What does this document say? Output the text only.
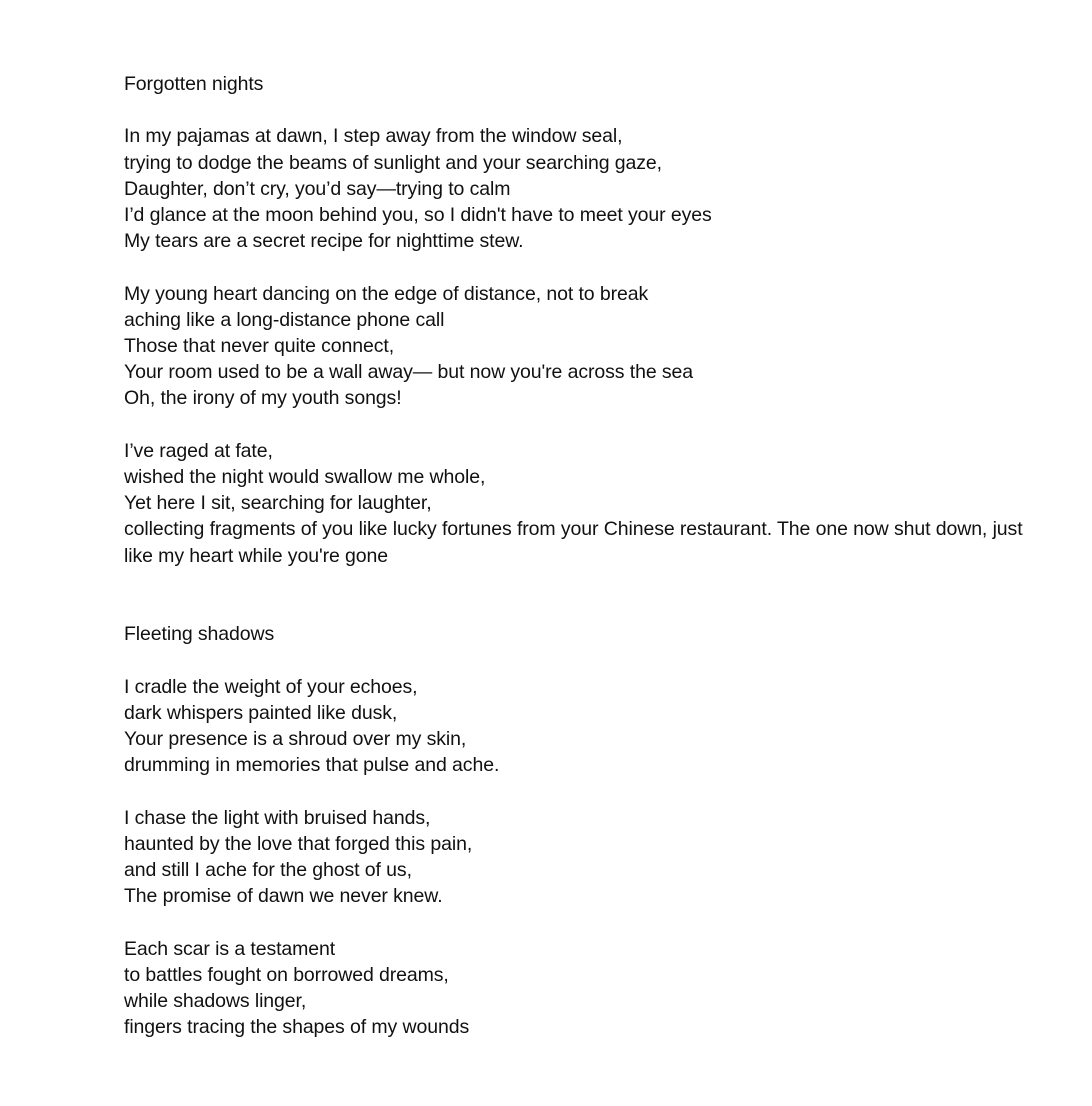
Forgotten nights

In my pajamas at dawn, I step away from the window seal,

trying to dodge the beams of sunlight and your searching gaze,

Daughter, don’t cry, you’d say—trying to calm

I’d glance at the moon behind you, so I didn't have to meet your eyes

My tears are a secret recipe for nighttime stew.

My young heart dancing on the edge of distance, not to break

aching like a long-distance phone call

Those that never quite connect,

Your room used to be a wall away— but now you're across the sea

Oh, the irony of my youth songs!

I’ve raged at fate,

wished the night would swallow me whole,

Yet here I sit, searching for laughter,

collecting fragments of you like lucky fortunes from your Chinese restaurant. The one now shut down, just like my heart while you're gone

Fleeting shadows

I cradle the weight of your echoes,

dark whispers painted like dusk,

Your presence is a shroud over my skin,

drumming in memories that pulse and ache.

I chase the light with bruised hands,

haunted by the love that forged this pain,

and still I ache for the ghost of us,

The promise of dawn we never knew.

Each scar is a testament

to battles fought on borrowed dreams,

while shadows linger,

fingers tracing the shapes of my wounds
